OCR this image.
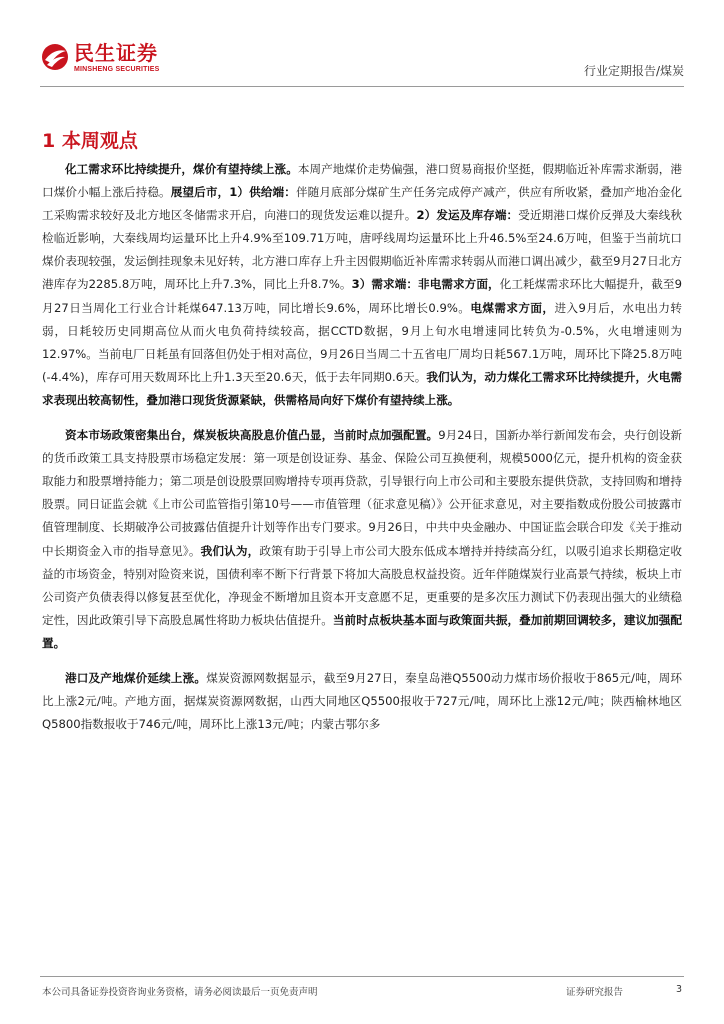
民生证券
MINSHENG SECURITIES	行业定期报告/煤炭
1 本周观点

化工需求环比持续提升，煤价有望持续上涨。本周产地煤价走势偏强，港口贸易商报价坚挺，假期临近补库需求渐弱，港口煤价小幅上涨后持稳。展望后市，1）供给端：伴随月底部分煤矿生产任务完成停产减产，供应有所收紧，叠加产地冶金化工采购需求较好及北方地区冬储需求开启，向港口的现货发运难以提升。2）发运及库存端：受近期港口煤价反弹及大秦线秋检临近影响，大秦线周均运量环比上升4.9%至109.71万吨，唐呼线周均运量环比上升46.5%至24.6万吨，但鉴于当前坑口煤价表现较强，发运倒挂现象未见好转，北方港口库存上升主因假期临近补库需求转弱从而港口调出减少，截至9月27日北方港库存为2285.8万吨，周环比上升7.3%，同比上升8.7%。3）需求端：非电需求方面，化工耗煤需求环比大幅提升，截至9月27日当周化工行业合计耗煤647.13万吨，同比增长9.6%，周环比增长0.9%。电煤需求方面，进入9月后，水电出力转弱，日耗较历史同期高位从而火电负荷持续较高，据CCTD数据，9月上旬水电增速同比转负为-0.5%，火电增速则为12.97%。当前电厂日耗虽有回落但仍处于相对高位，9月26日当周二十五省电厂周均日耗567.1万吨，周环比下降25.8万吨(-4.4%)，库存可用天数周环比上升1.3天至20.6天，低于去年同期0.6天。我们认为，动力煤化工需求环比持续提升，火电需求表现出较高韧性，叠加港口现货货源紧缺，供需格局向好下煤价有望持续上涨。

资本市场政策密集出台，煤炭板块高股息价值凸显，当前时点加强配置。9月24日，国新办举行新闻发布会，央行创设新的货币政策工具支持股票市场稳定发展：第一项是创设证券、基金、保险公司互换便利，规模5000亿元，提升机构的资金获取能力和股票增持能力；第二项是创设股票回购增持专项再贷款，引导银行向上市公司和主要股东提供贷款，支持回购和增持股票。同日证监会就《上市公司监管指引第10号——市值管理（征求意见稿）》公开征求意见，对主要指数成份股公司披露市值管理制度、长期破净公司披露估值提升计划等作出专门要求。9月26日，中共中央金融办、中国证监会联合印发《关于推动中长期资金入市的指导意见》。我们认为，政策有助于引导上市公司大股东低成本增持并持续高分红，以吸引追求长期稳定收益的市场资金，特别对险资来说，国债利率不断下行背景下将加大高股息权益投资。近年伴随煤炭行业高景气持续，板块上市公司资产负债表得以修复甚至优化，净现金不断增加且资本开支意愿不足，更重要的是多次压力测试下仍表现出强大的业绩稳定性，因此政策引导下高股息属性将助力板块估值提升。当前时点板块基本面与政策面共振，叠加前期回调较多，建议加强配置。

港口及产地煤价延续上涨。煤炭资源网数据显示，截至9月27日，秦皇岛港Q5500动力煤市场价报收于865元/吨，周环比上涨2元/吨。产地方面，据煤炭资源网数据，山西大同地区Q5500报收于727元/吨，周环比上涨12元/吨；陕西榆林地区Q5800指数报收于746元/吨，周环比上涨13元/吨；内蒙古鄂尔多

本公司具备证券投资咨询业务资格，请务必阅读最后一页免责声明	证券研究报告	3
